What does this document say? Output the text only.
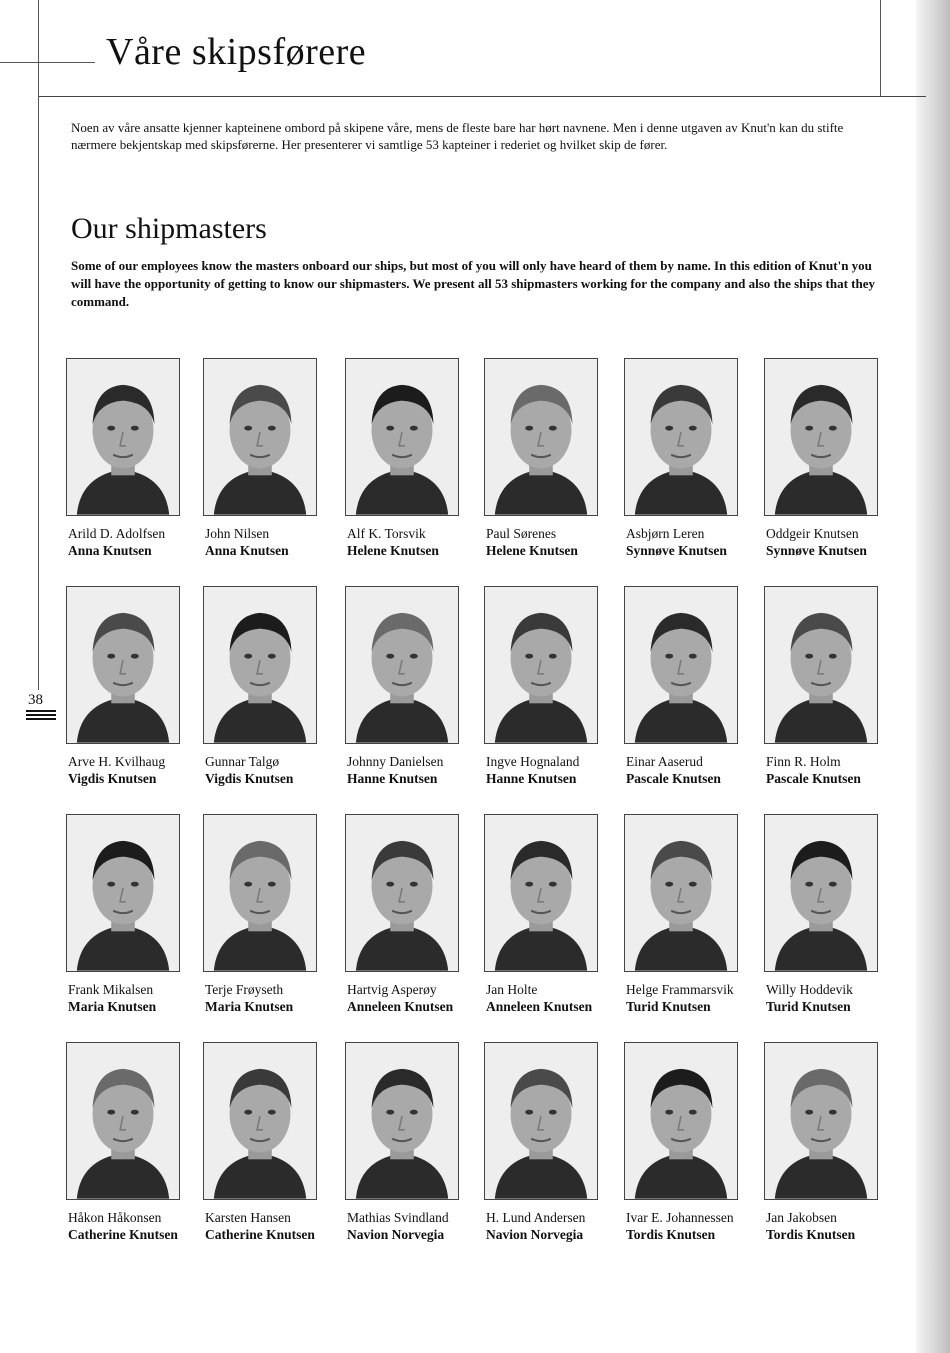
Våre skipsførere

Noen av våre ansatte kjenner kapteinene ombord på skipene våre, mens de fleste bare har hørt navnene. Men i denne utgaven av Knut'n kan du stifte nærmere bekjentskap med skipsførerne. Her presenterer vi samtlige 53 kapteiner i rederiet og hvilket skip de fører.

Our shipmasters

Some of our employees know the masters onboard our ships, but most of you will only have heard of them by name. In this edition of Knut'n you will have the opportunity of getting to know our shipmasters. We present all 53 shipmasters working for the company and also the ships that they command.

38
Arild D. Adolfsen
Anna Knutsen
John Nilsen
Anna Knutsen
Alf K. Torsvik
Helene Knutsen
Paul Sørenes
Helene Knutsen
Asbjørn Leren
Synnøve Knutsen
Oddgeir Knutsen
Synnøve Knutsen
Arve H. Kvilhaug
Vigdis Knutsen
Gunnar Talgø
Vigdis Knutsen
Johnny Danielsen
Hanne Knutsen
Ingve Hognaland
Hanne Knutsen
Einar Aaserud
Pascale Knutsen
Finn R. Holm
Pascale Knutsen
Frank Mikalsen
Maria Knutsen
Terje Frøyseth
Maria Knutsen
Hartvig Asperøy
Anneleen Knutsen
Jan Holte
Anneleen Knutsen
Helge Frammarsvik
Turid Knutsen
Willy Hoddevik
Turid Knutsen
Håkon Håkonsen
Catherine Knutsen
Karsten Hansen
Catherine Knutsen
Mathias Svindland
Navion Norvegia
H. Lund Andersen
Navion Norvegia
Ivar E. Johannessen
Tordis Knutsen
Jan Jakobsen
Tordis Knutsen
